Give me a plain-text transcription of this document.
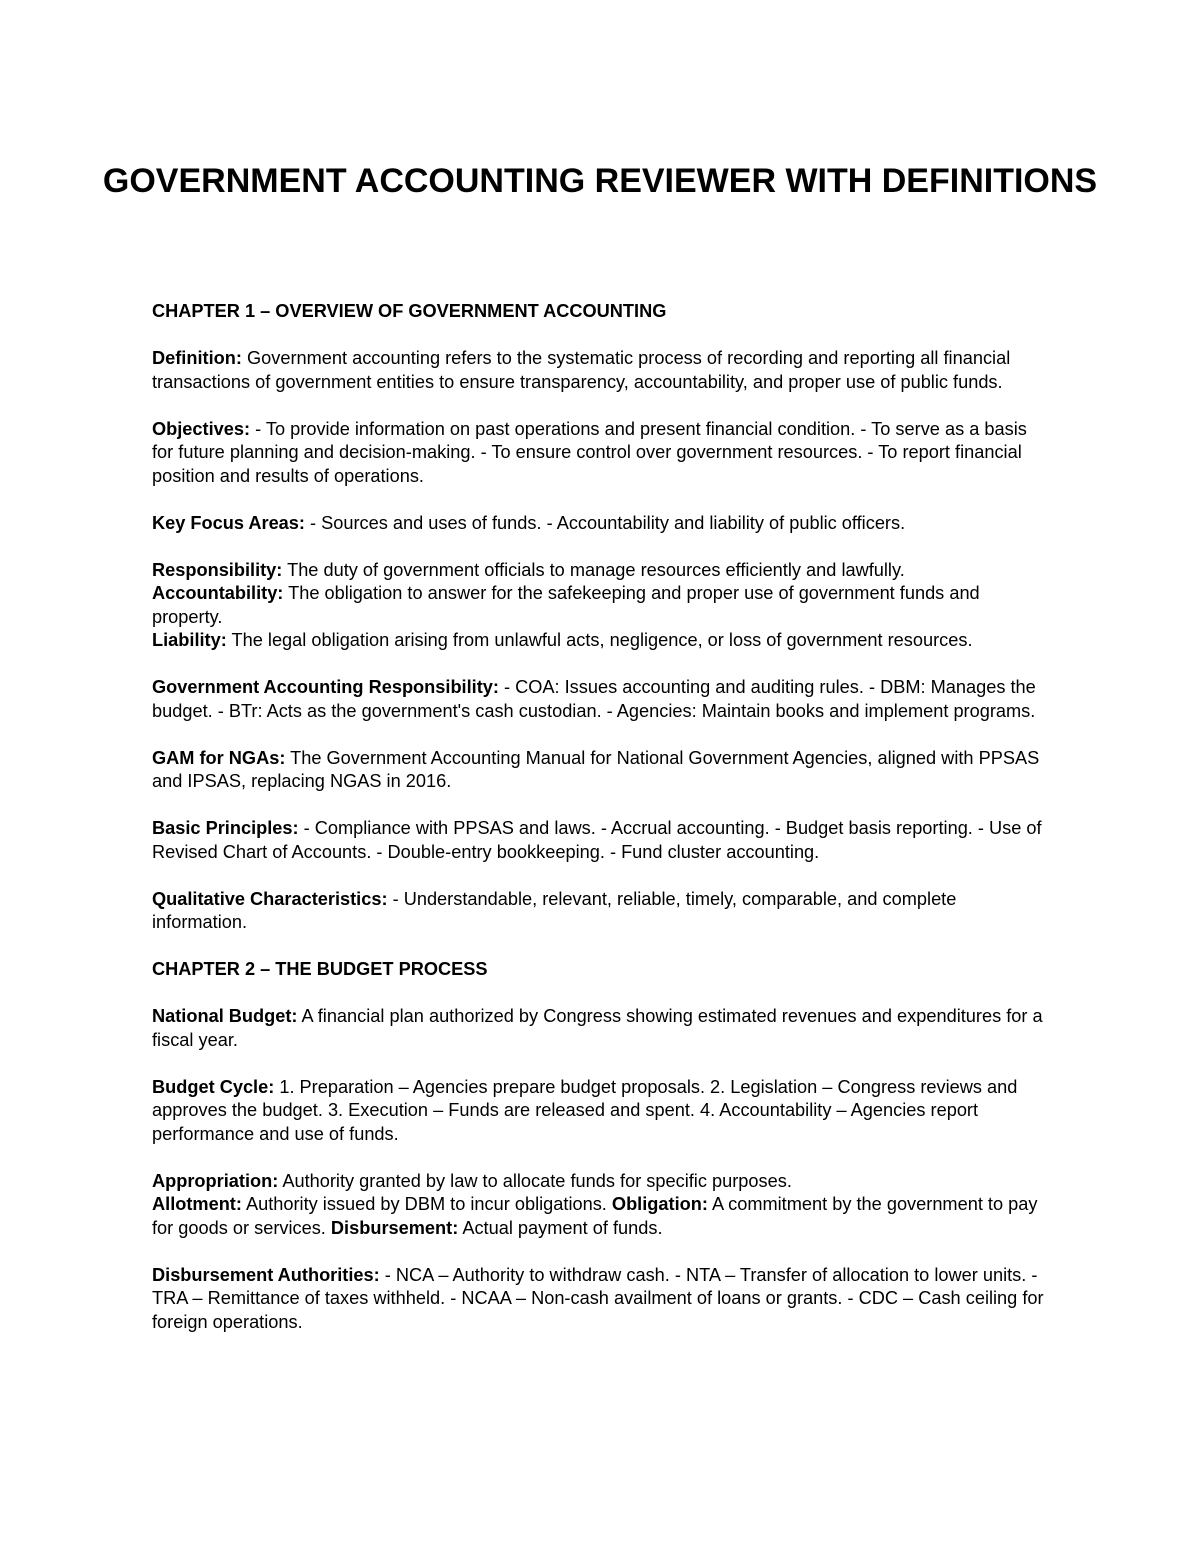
GOVERNMENT ACCOUNTING REVIEWER WITH DEFINITIONS

CHAPTER 1 – OVERVIEW OF GOVERNMENT ACCOUNTING

Definition: Government accounting refers to the systematic process of recording and reporting all financial transactions of government entities to ensure transparency, accountability, and proper use of public funds.

Objectives: - To provide information on past operations and present financial condition. - To serve as a basis for future planning and decision-making. - To ensure control over government resources. - To report financial position and results of operations.

Key Focus Areas: - Sources and uses of funds. - Accountability and liability of public officers.

Responsibility: The duty of government officials to manage resources efficiently and lawfully.

Accountability: The obligation to answer for the safekeeping and proper use of government funds and property.

Liability: The legal obligation arising from unlawful acts, negligence, or loss of government resources.

Government Accounting Responsibility: - COA: Issues accounting and auditing rules. - DBM: Manages the budget. - BTr: Acts as the government's cash custodian. - Agencies: Maintain books and implement programs.

GAM for NGAs: The Government Accounting Manual for National Government Agencies, aligned with PPSAS and IPSAS, replacing NGAS in 2016.

Basic Principles: - Compliance with PPSAS and laws. - Accrual accounting. - Budget basis reporting. - Use of Revised Chart of Accounts. - Double-entry bookkeeping. - Fund cluster accounting.

Qualitative Characteristics: - Understandable, relevant, reliable, timely, comparable, and complete information.

CHAPTER 2 – THE BUDGET PROCESS

National Budget: A financial plan authorized by Congress showing estimated revenues and expenditures for a fiscal year.

Budget Cycle: 1. Preparation – Agencies prepare budget proposals. 2. Legislation – Congress reviews and approves the budget. 3. Execution – Funds are released and spent. 4. Accountability – Agencies report performance and use of funds.

Appropriation: Authority granted by law to allocate funds for specific purposes.

Allotment: Authority issued by DBM to incur obligations. Obligation: A commitment by the government to pay for goods or services. Disbursement: Actual payment of funds.

Disbursement Authorities: - NCA – Authority to withdraw cash. - NTA – Transfer of allocation to lower units. - TRA – Remittance of taxes withheld. - NCAA – Non-cash availment of loans or grants. - CDC – Cash ceiling for foreign operations.
